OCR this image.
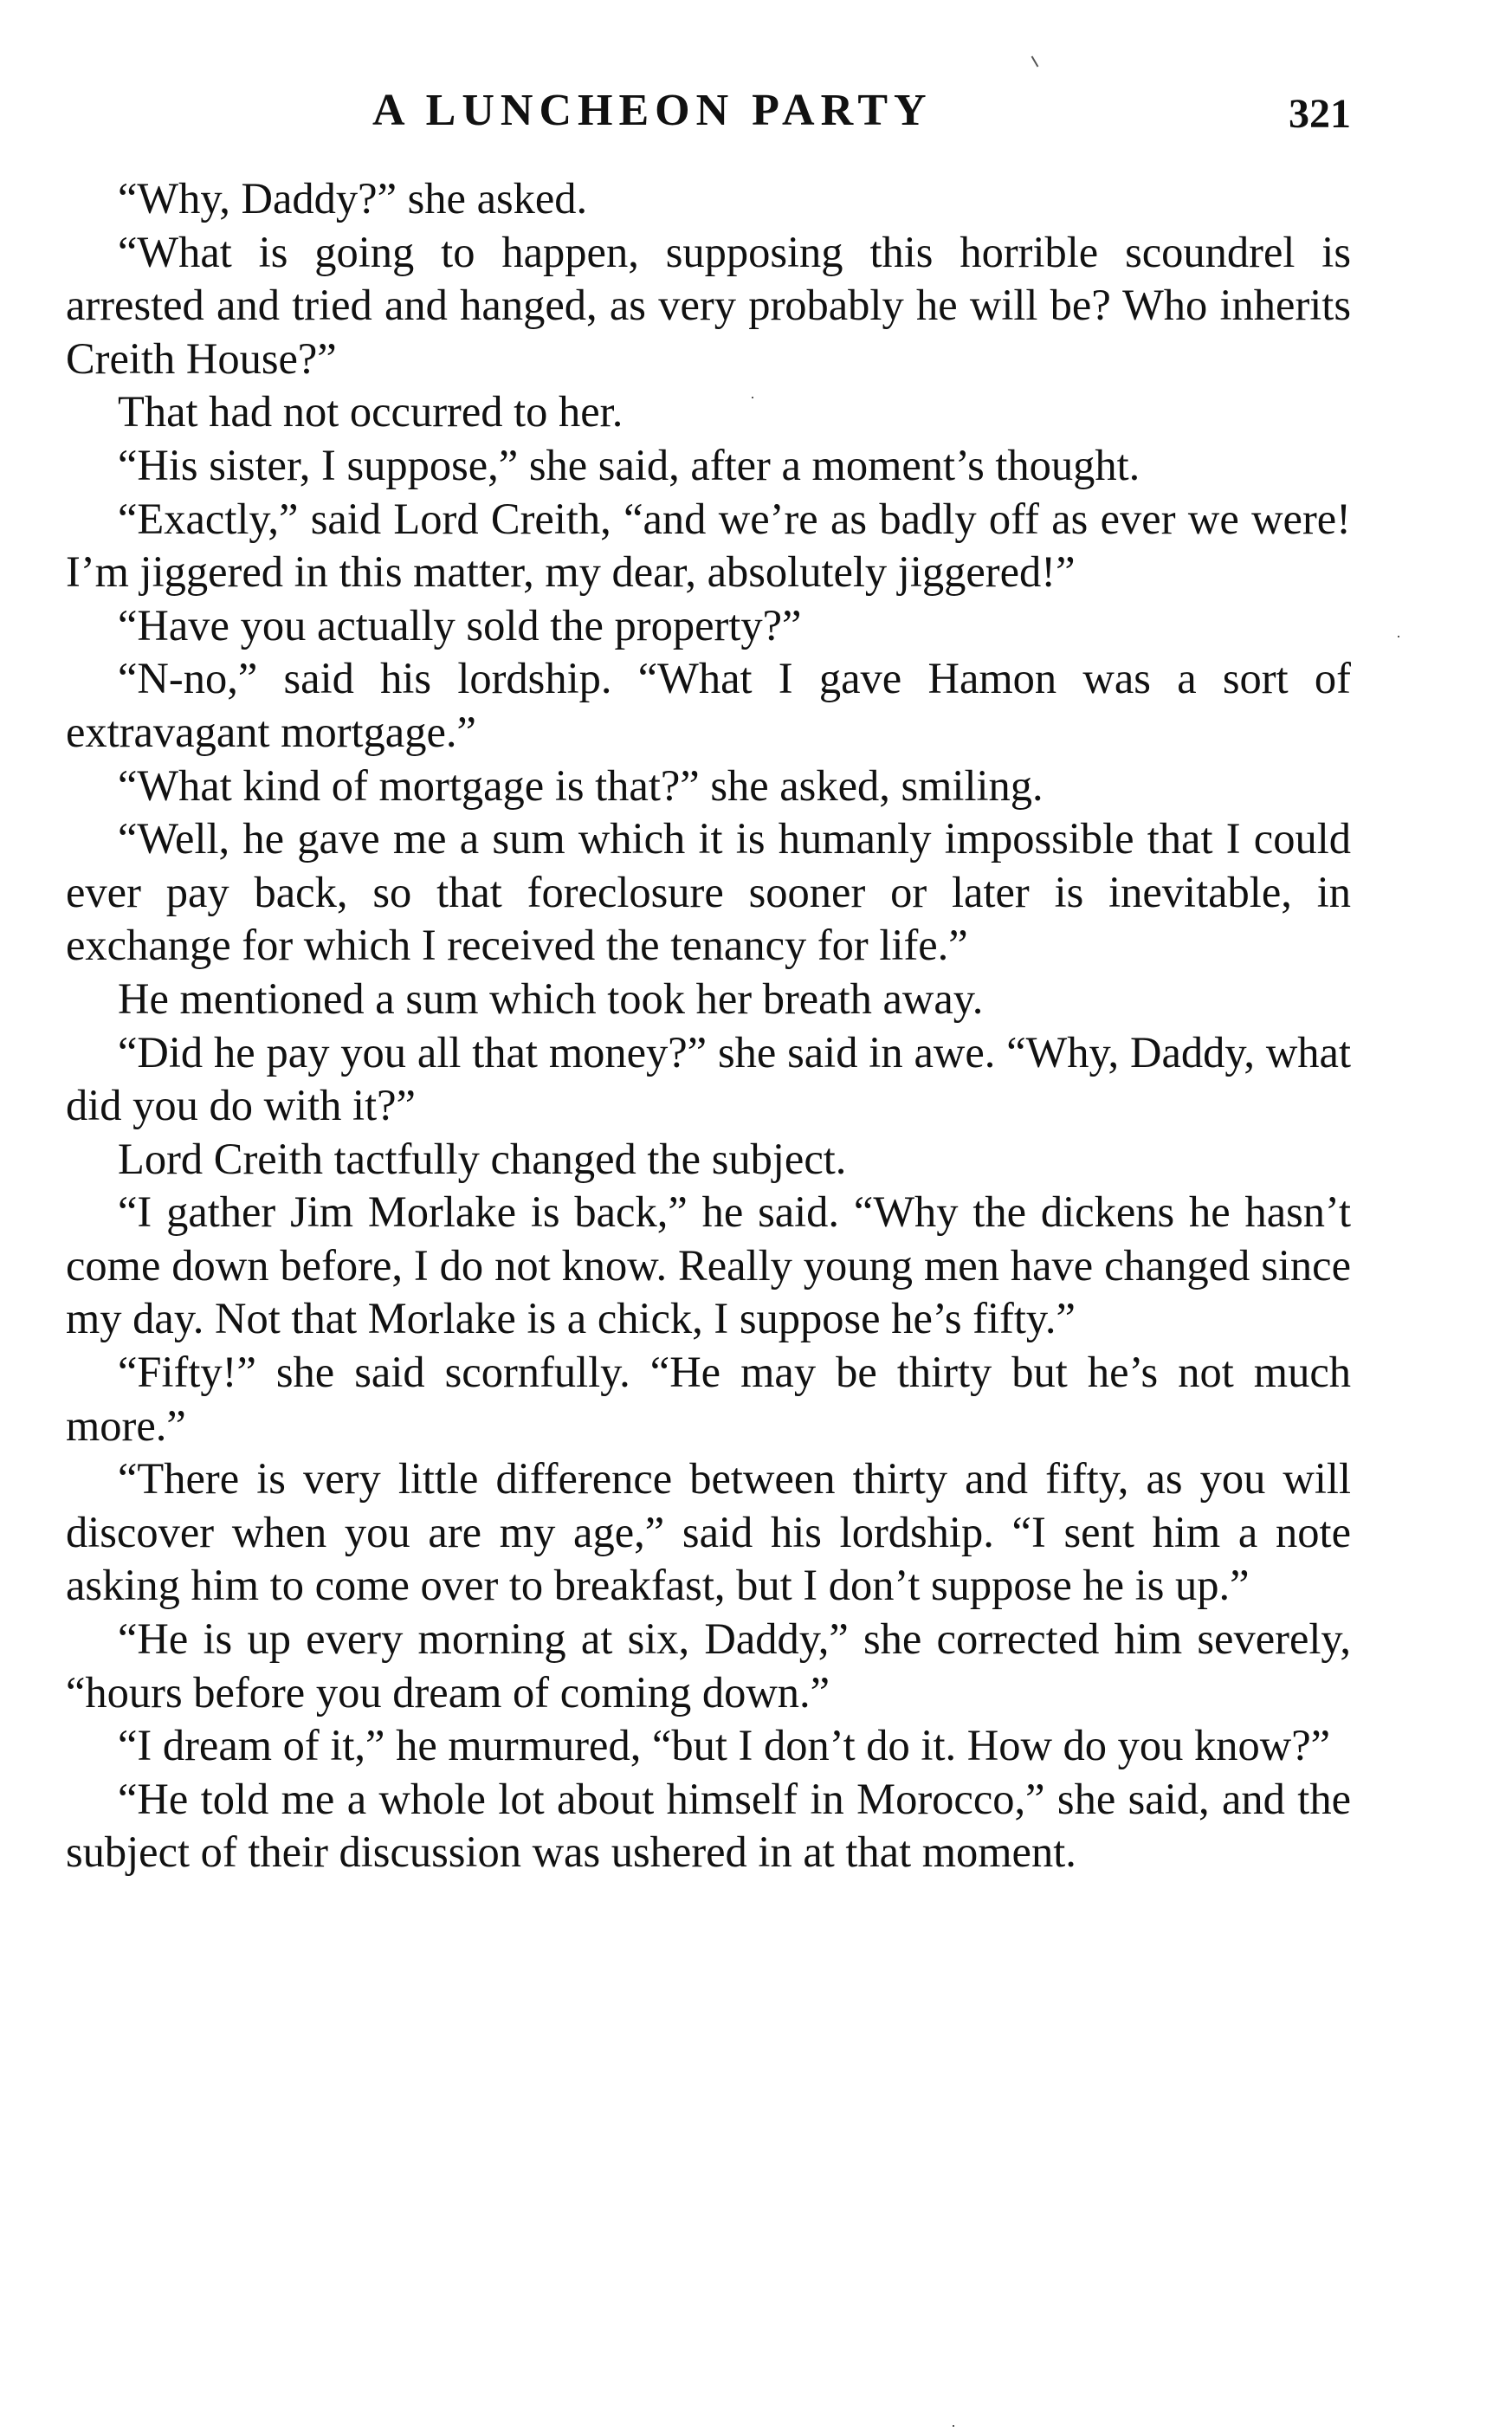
A LUNCHEON PARTY	321

“Why, Daddy?” she asked.

“What is going to happen, supposing this horrible scoundrel is arrested and tried and hanged, as very probably he will be? Who inherits Creith House?”

That had not occurred to her.

“His sister, I suppose,” she said, after a moment’s thought.

“Exactly,” said Lord Creith, “and we’re as badly off as ever we were! I’m jiggered in this matter, my dear, absolutely jiggered!”

“Have you actually sold the property?”

“N-no,” said his lordship. “What I gave Hamon was a sort of extravagant mortgage.”

“What kind of mortgage is that?” she asked, smiling.

“Well, he gave me a sum which it is humanly impossible that I could ever pay back, so that foreclosure sooner or later is inevitable, in exchange for which I received the tenancy for life.”

He mentioned a sum which took her breath away.

“Did he pay you all that money?” she said in awe. “Why, Daddy, what did you do with it?”

Lord Creith tactfully changed the subject.

“I gather Jim Morlake is back,” he said. “Why the dickens he hasn’t come down before, I do not know. Really young men have changed since my day. Not that Morlake is a chick, I suppose he’s fifty.”

“Fifty!” she said scornfully. “He may be thirty but he’s not much more.”

“There is very little difference between thirty and fifty, as you will discover when you are my age,” said his lordship. “I sent him a note asking him to come over to breakfast, but I don’t suppose he is up.”

“He is up every morning at six, Daddy,” she corrected him severely, “hours before you dream of coming down.”

“I dream of it,” he murmured, “but I don’t do it. How do you know?”

“He told me a whole lot about himself in Morocco,” she said, and the subject of their discussion was ushered in at that moment.
